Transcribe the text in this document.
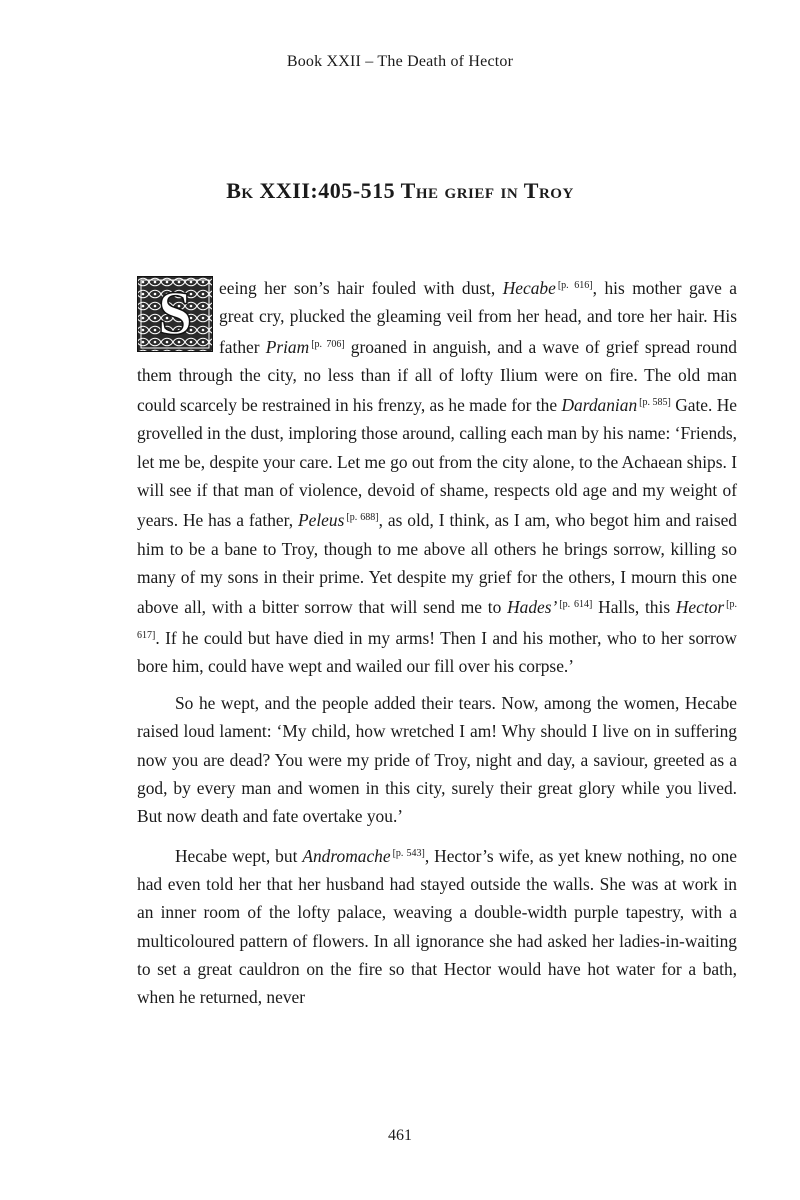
Book XXII – The Death of Hector
Bk XXII:405-515 The grief in Troy

S eeing her son’s hair fouled with dust, Hecabe [p. 616], his mother gave a great cry, plucked the gleaming veil from her head, and tore her hair. His father Priam [p. 706] groaned in anguish, and a wave of grief spread round them through the city, no less than if all of lofty Ilium were on fire. The old man could scarcely be restrained in his frenzy, as he made for the Dardanian [p. 585] Gate. He grovelled in the dust, imploring those around, calling each man by his name: ‘Friends, let me be, despite your care. Let me go out from the city alone, to the Achaean ships. I will see if that man of violence, devoid of shame, respects old age and my weight of years. He has a father, Peleus [p. 688], as old, I think, as I am, who begot him and raised him to be a bane to Troy, though to me above all others he brings sorrow, killing so many of my sons in their prime. Yet despite my grief for the others, I mourn this one above all, with a bitter sorrow that will send me to Hades’ [p. 614] Halls, this Hector [p. 617]. If he could but have died in my arms! Then I and his mother, who to her sorrow bore him, could have wept and wailed our fill over his corpse.’

So he wept, and the people added their tears. Now, among the women, Hecabe raised loud lament: ‘My child, how wretched I am! Why should I live on in suffering now you are dead? You were my pride of Troy, night and day, a saviour, greeted as a god, by every man and women in this city, surely their great glory while you lived. But now death and fate overtake you.’

Hecabe wept, but Andromache [p. 543], Hector’s wife, as yet knew nothing, no one had even told her that her husband had stayed outside the walls. She was at work in an inner room of the lofty palace, weaving a double-width purple tapestry, with a multicoloured pattern of flowers. In all ignorance she had asked her ladies-in-waiting to set a great cauldron on the fire so that Hector would have hot water for a bath, when he returned, never

461
